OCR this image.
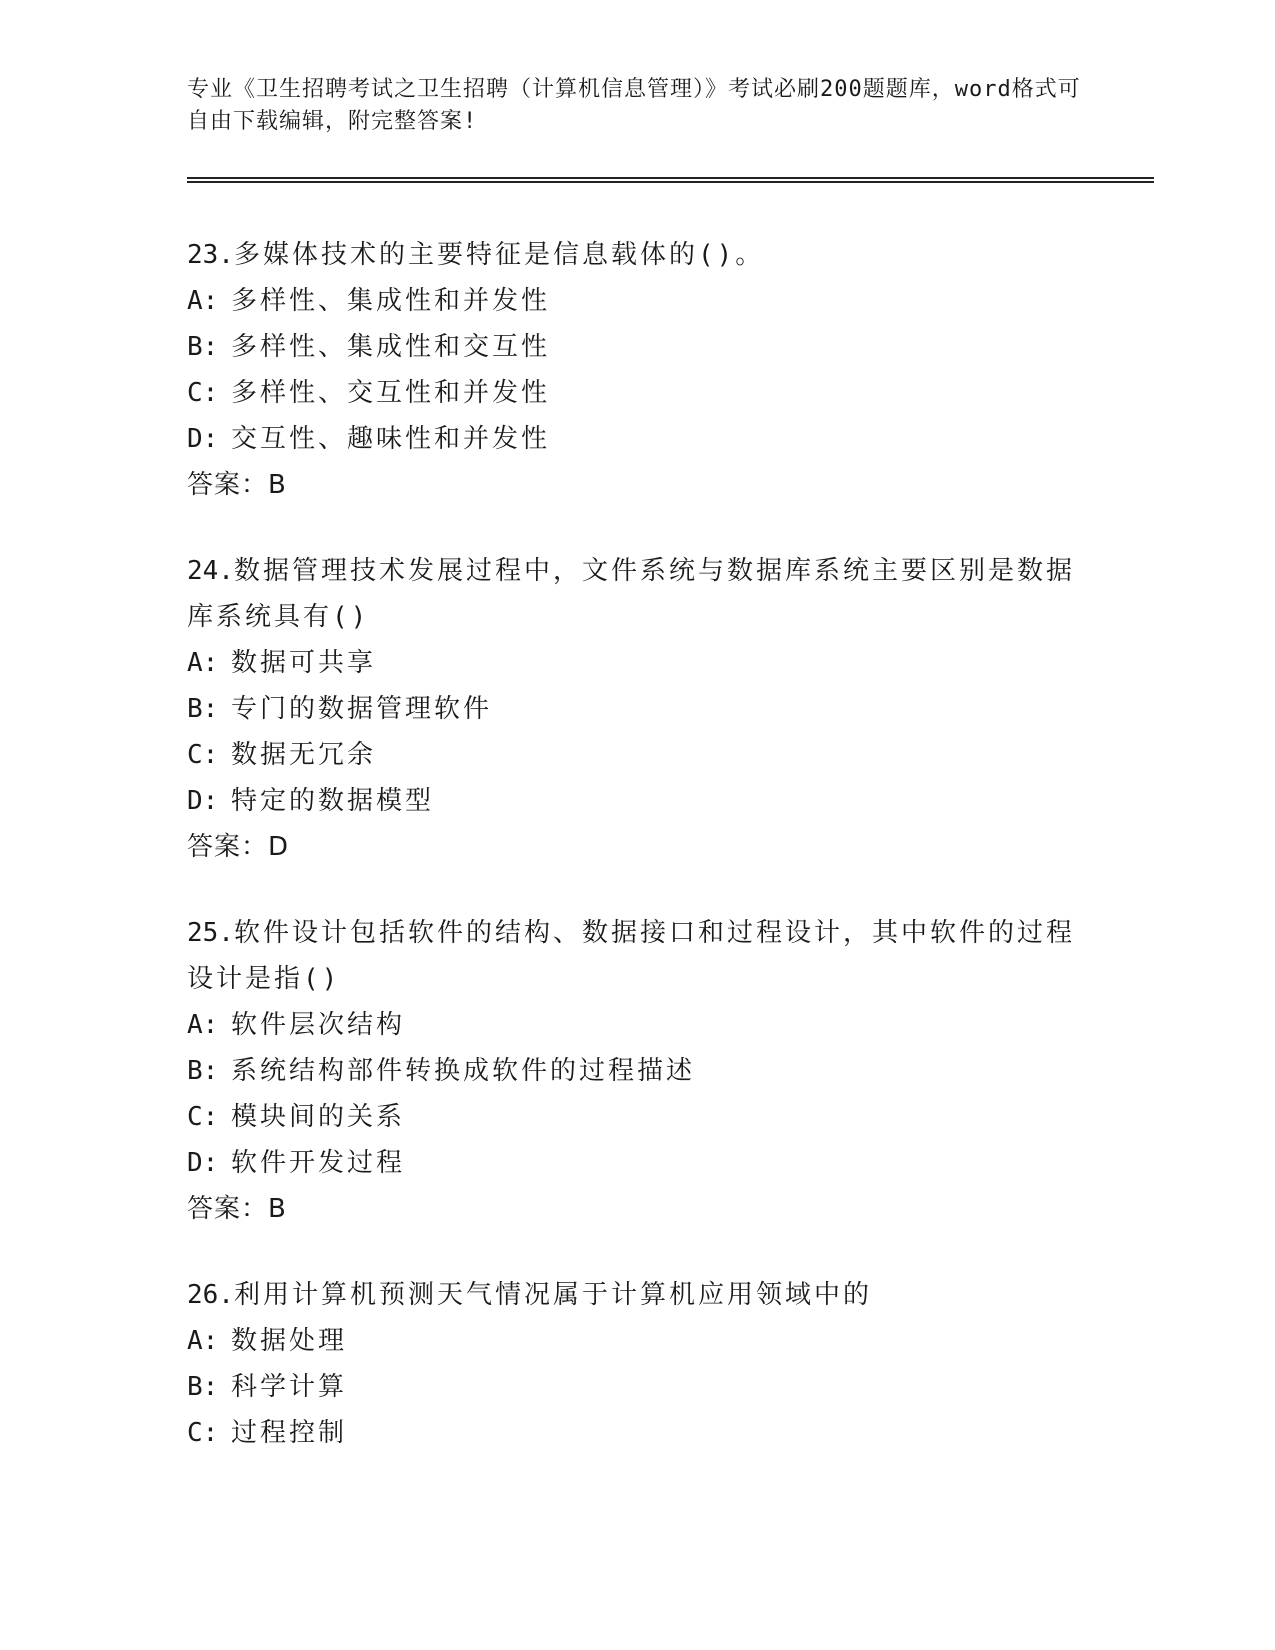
专业《卫生招聘考试之卫生招聘（计算机信息管理）》考试必刷200题题库，word格式可自由下载编辑，附完整答案!
23.多媒体技术的主要特征是信息载体的()。
A: 多样性、集成性和并发性
B: 多样性、集成性和交互性
C: 多样性、交互性和并发性
D: 交互性、趣味性和并发性
答案：B
24.数据管理技术发展过程中，文件系统与数据库系统主要区别是数据库系统具有()
A: 数据可共享
B: 专门的数据管理软件
C: 数据无冗余
D: 特定的数据模型
答案：D
25.软件设计包括软件的结构、数据接口和过程设计，其中软件的过程设计是指()
A: 软件层次结构
B: 系统结构部件转换成软件的过程描述
C: 模块间的关系
D: 软件开发过程
答案：B
26.利用计算机预测天气情况属于计算机应用领域中的
A: 数据处理
B: 科学计算
C: 过程控制
